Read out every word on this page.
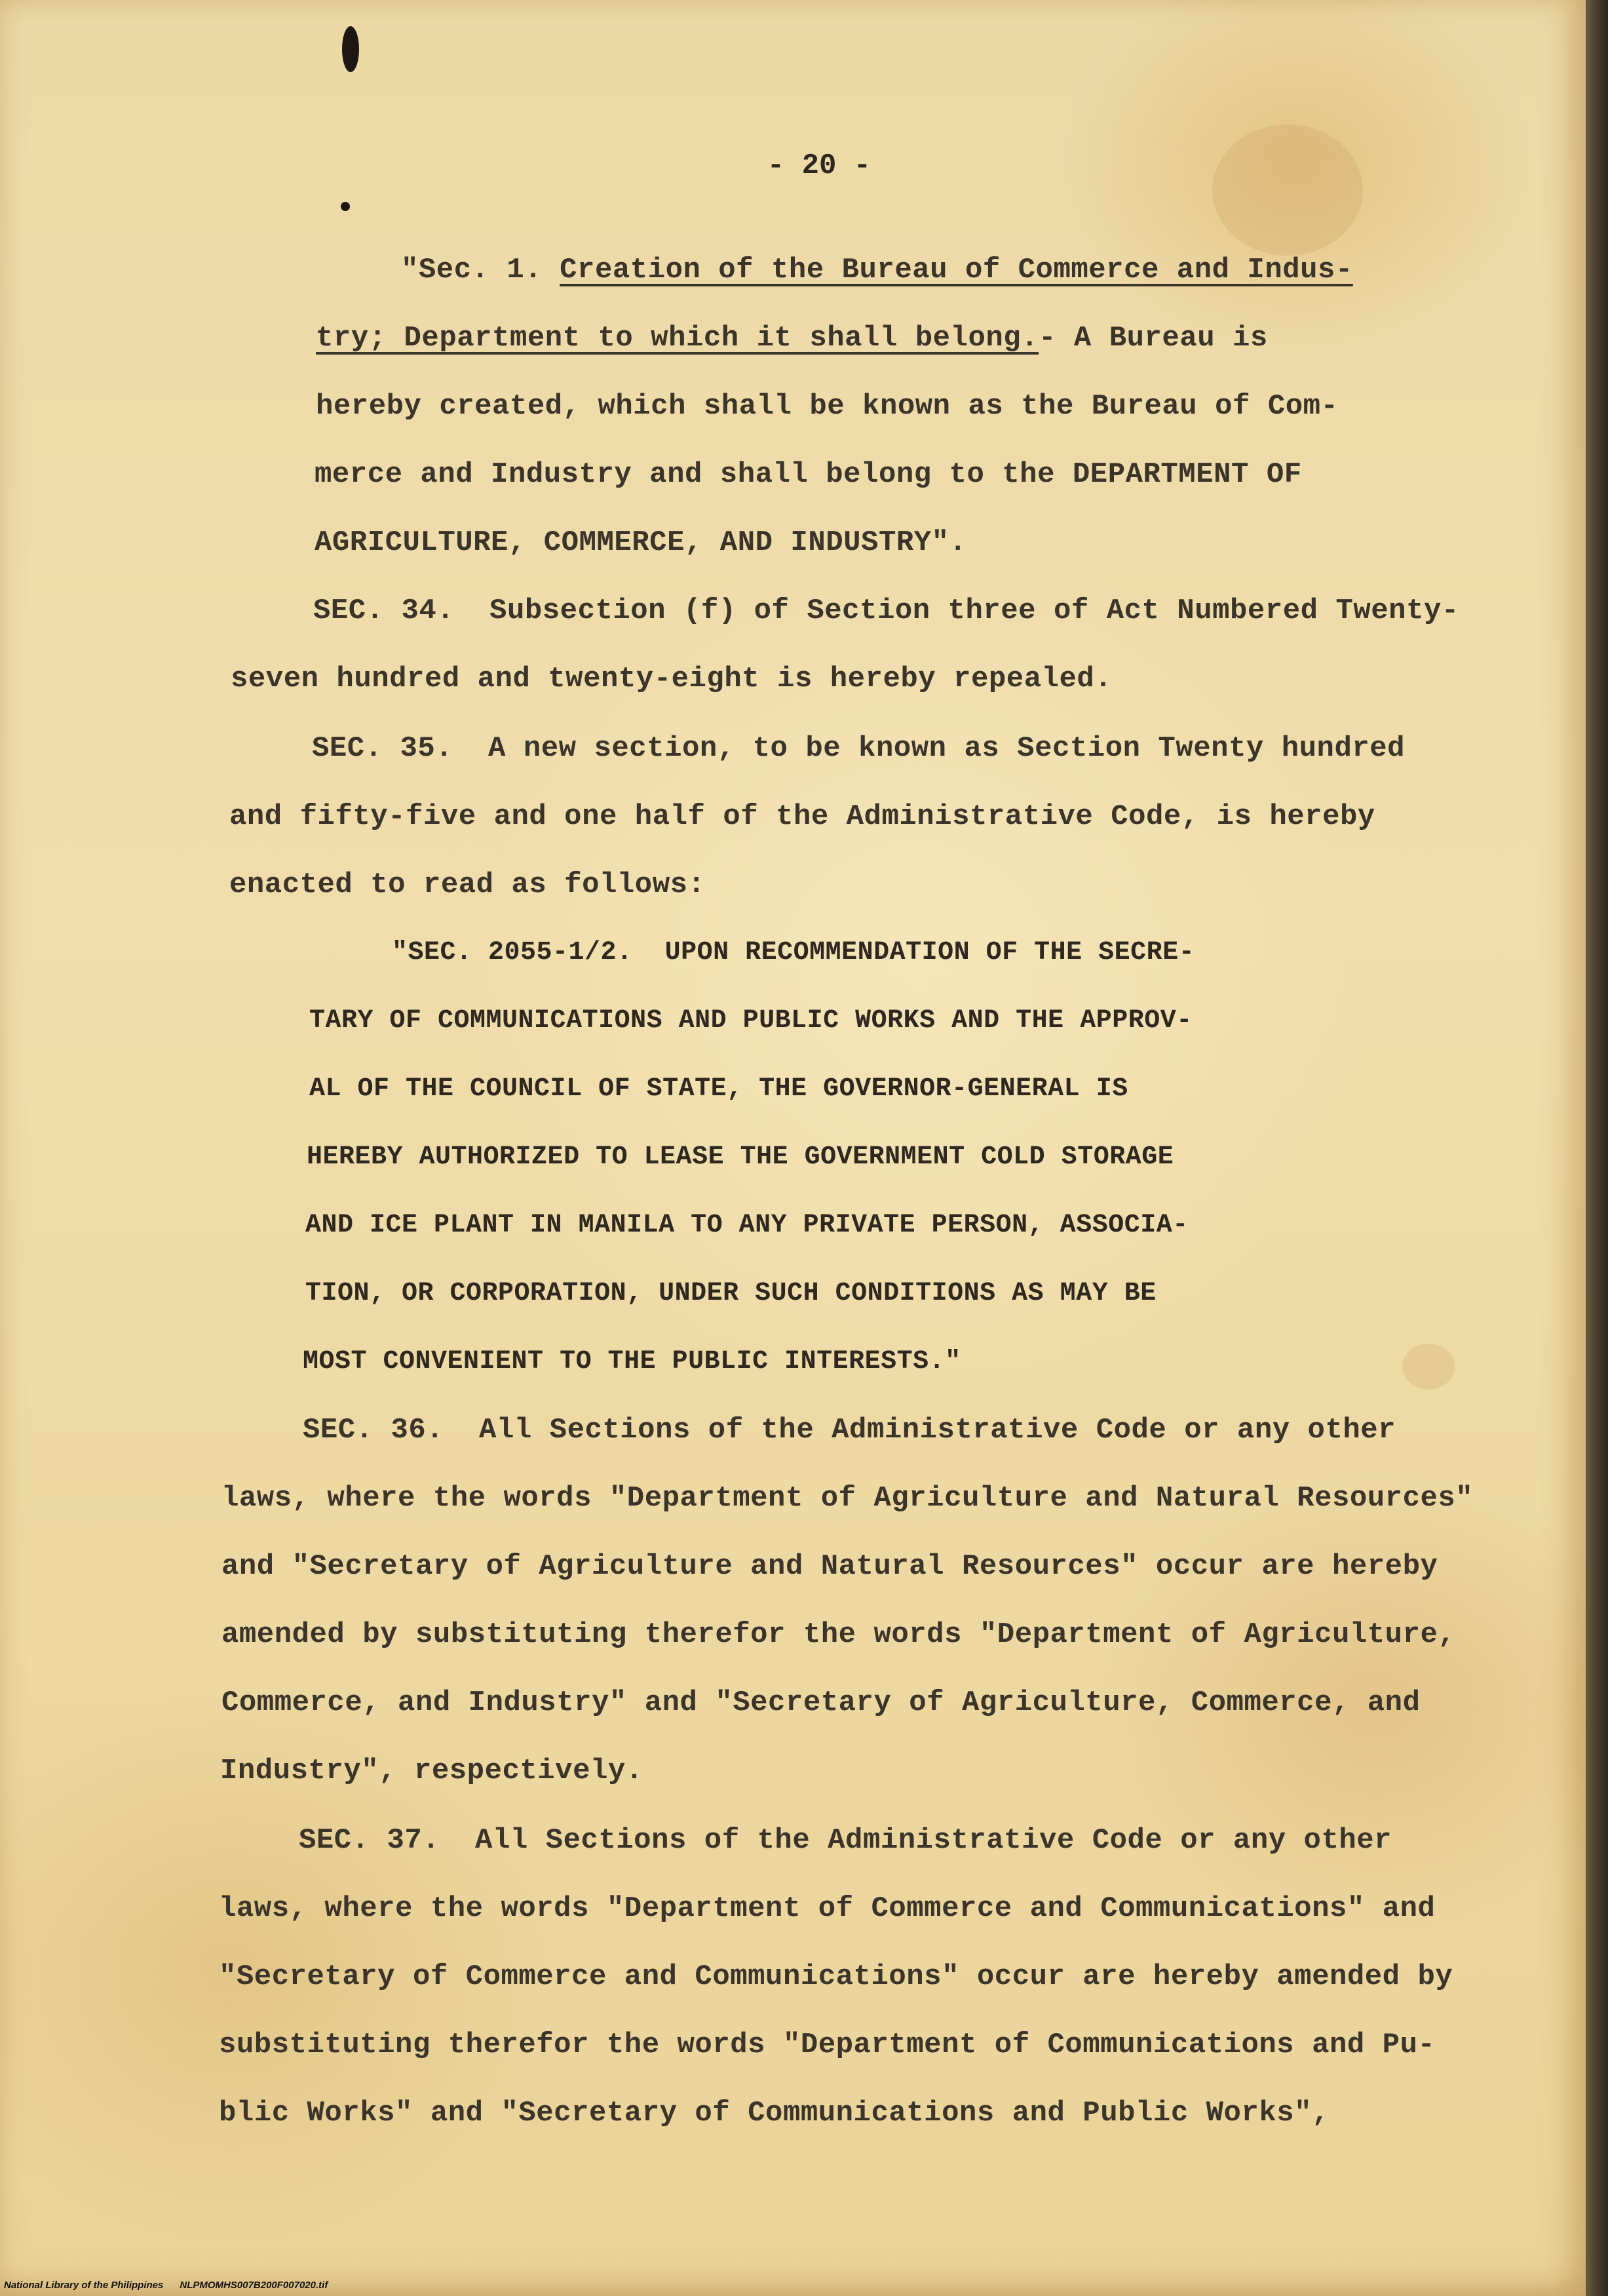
- 20 -
"Sec. 1. Creation of the Bureau of Commerce and Indus-
try; Department to which it shall belong.- A Bureau is
hereby created, which shall be known as the Bureau of Com-
merce and Industry and shall belong to the DEPARTMENT OF
AGRICULTURE, COMMERCE, AND INDUSTRY".
SEC. 34.  Subsection (f) of Section three of Act Numbered Twenty-
seven hundred and twenty-eight is hereby repealed.
SEC. 35.  A new section, to be known as Section Twenty hundred
and fifty-five and one half of the Administrative Code, is hereby
enacted to read as follows:
"SEC. 2055-1/2.  UPON RECOMMENDATION OF THE SECRE-
TARY OF COMMUNICATIONS AND PUBLIC WORKS AND THE APPROV-
AL OF THE COUNCIL OF STATE, THE GOVERNOR-GENERAL IS
HEREBY AUTHORIZED TO LEASE THE GOVERNMENT COLD STORAGE
AND ICE PLANT IN MANILA TO ANY PRIVATE PERSON, ASSOCIA-
TION, OR CORPORATION, UNDER SUCH CONDITIONS AS MAY BE
MOST CONVENIENT TO THE PUBLIC INTERESTS."
SEC. 36.  All Sections of the Administrative Code or any other
laws, where the words "Department of Agriculture and Natural Resources"
and "Secretary of Agriculture and Natural Resources" occur are hereby
amended by substituting therefor the words "Department of Agriculture,
Commerce, and Industry" and "Secretary of Agriculture, Commerce, and
Industry", respectively.
SEC. 37.  All Sections of the Administrative Code or any other
laws, where the words "Department of Commerce and Communications" and
"Secretary of Commerce and Communications" occur are hereby amended by
substituting therefor the words "Department of Communications and Pu-
blic Works" and "Secretary of Communications and Public Works",
National Library of the Philippines NLPMOMHS007B200F007020.tif
